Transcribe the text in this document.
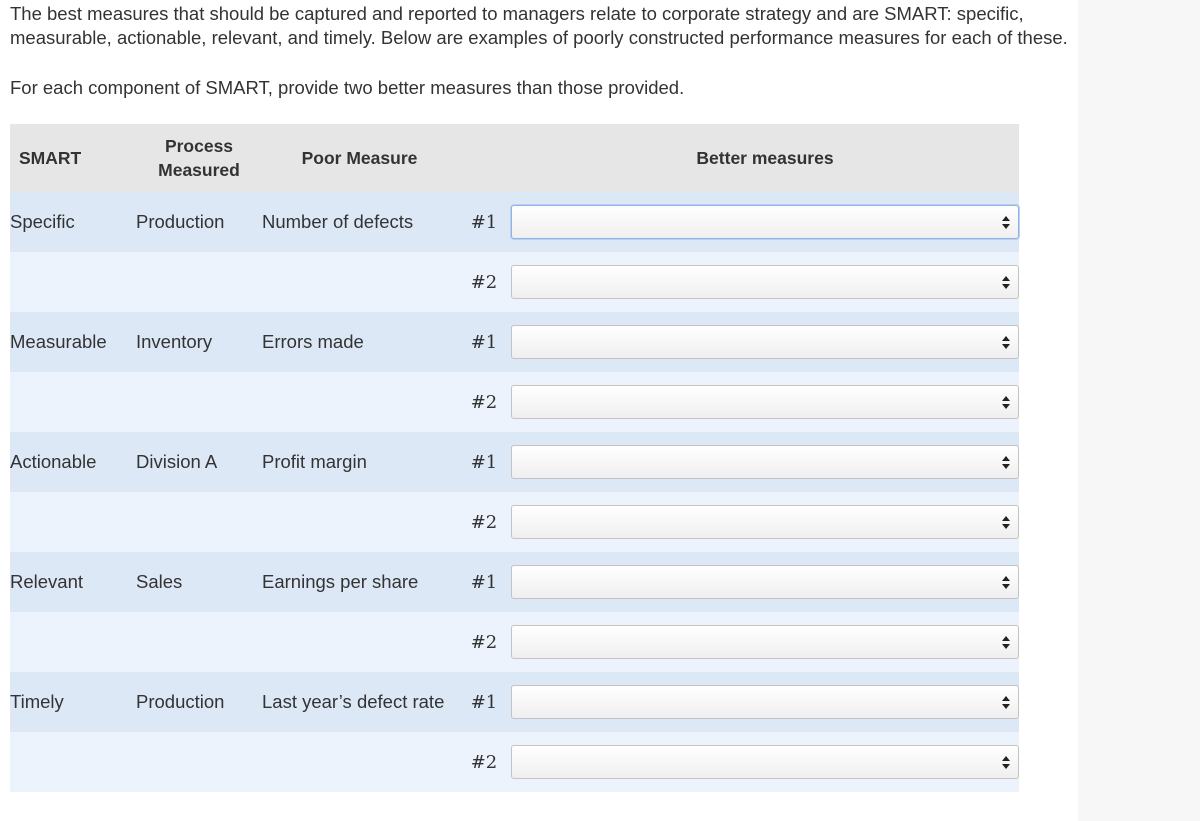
The best measures that should be captured and reported to managers relate to corporate strategy and are SMART: specific, measurable, actionable, relevant, and timely. Below are examples of poorly constructed performance measures for each of these.

For each component of SMART, provide two better measures than those provided.

SMART	Process Measured	Poor Measure		Better measures
Specific	Production	Number of defects	#1	

			#2	

Measurable	Inventory	Errors made	#1	

			#2	

Actionable	Division A	Profit margin	#1	

			#2	

Relevant	Sales	Earnings per share	#1	

			#2	

Timely	Production	Last year’s defect rate	#1	

			#2	
